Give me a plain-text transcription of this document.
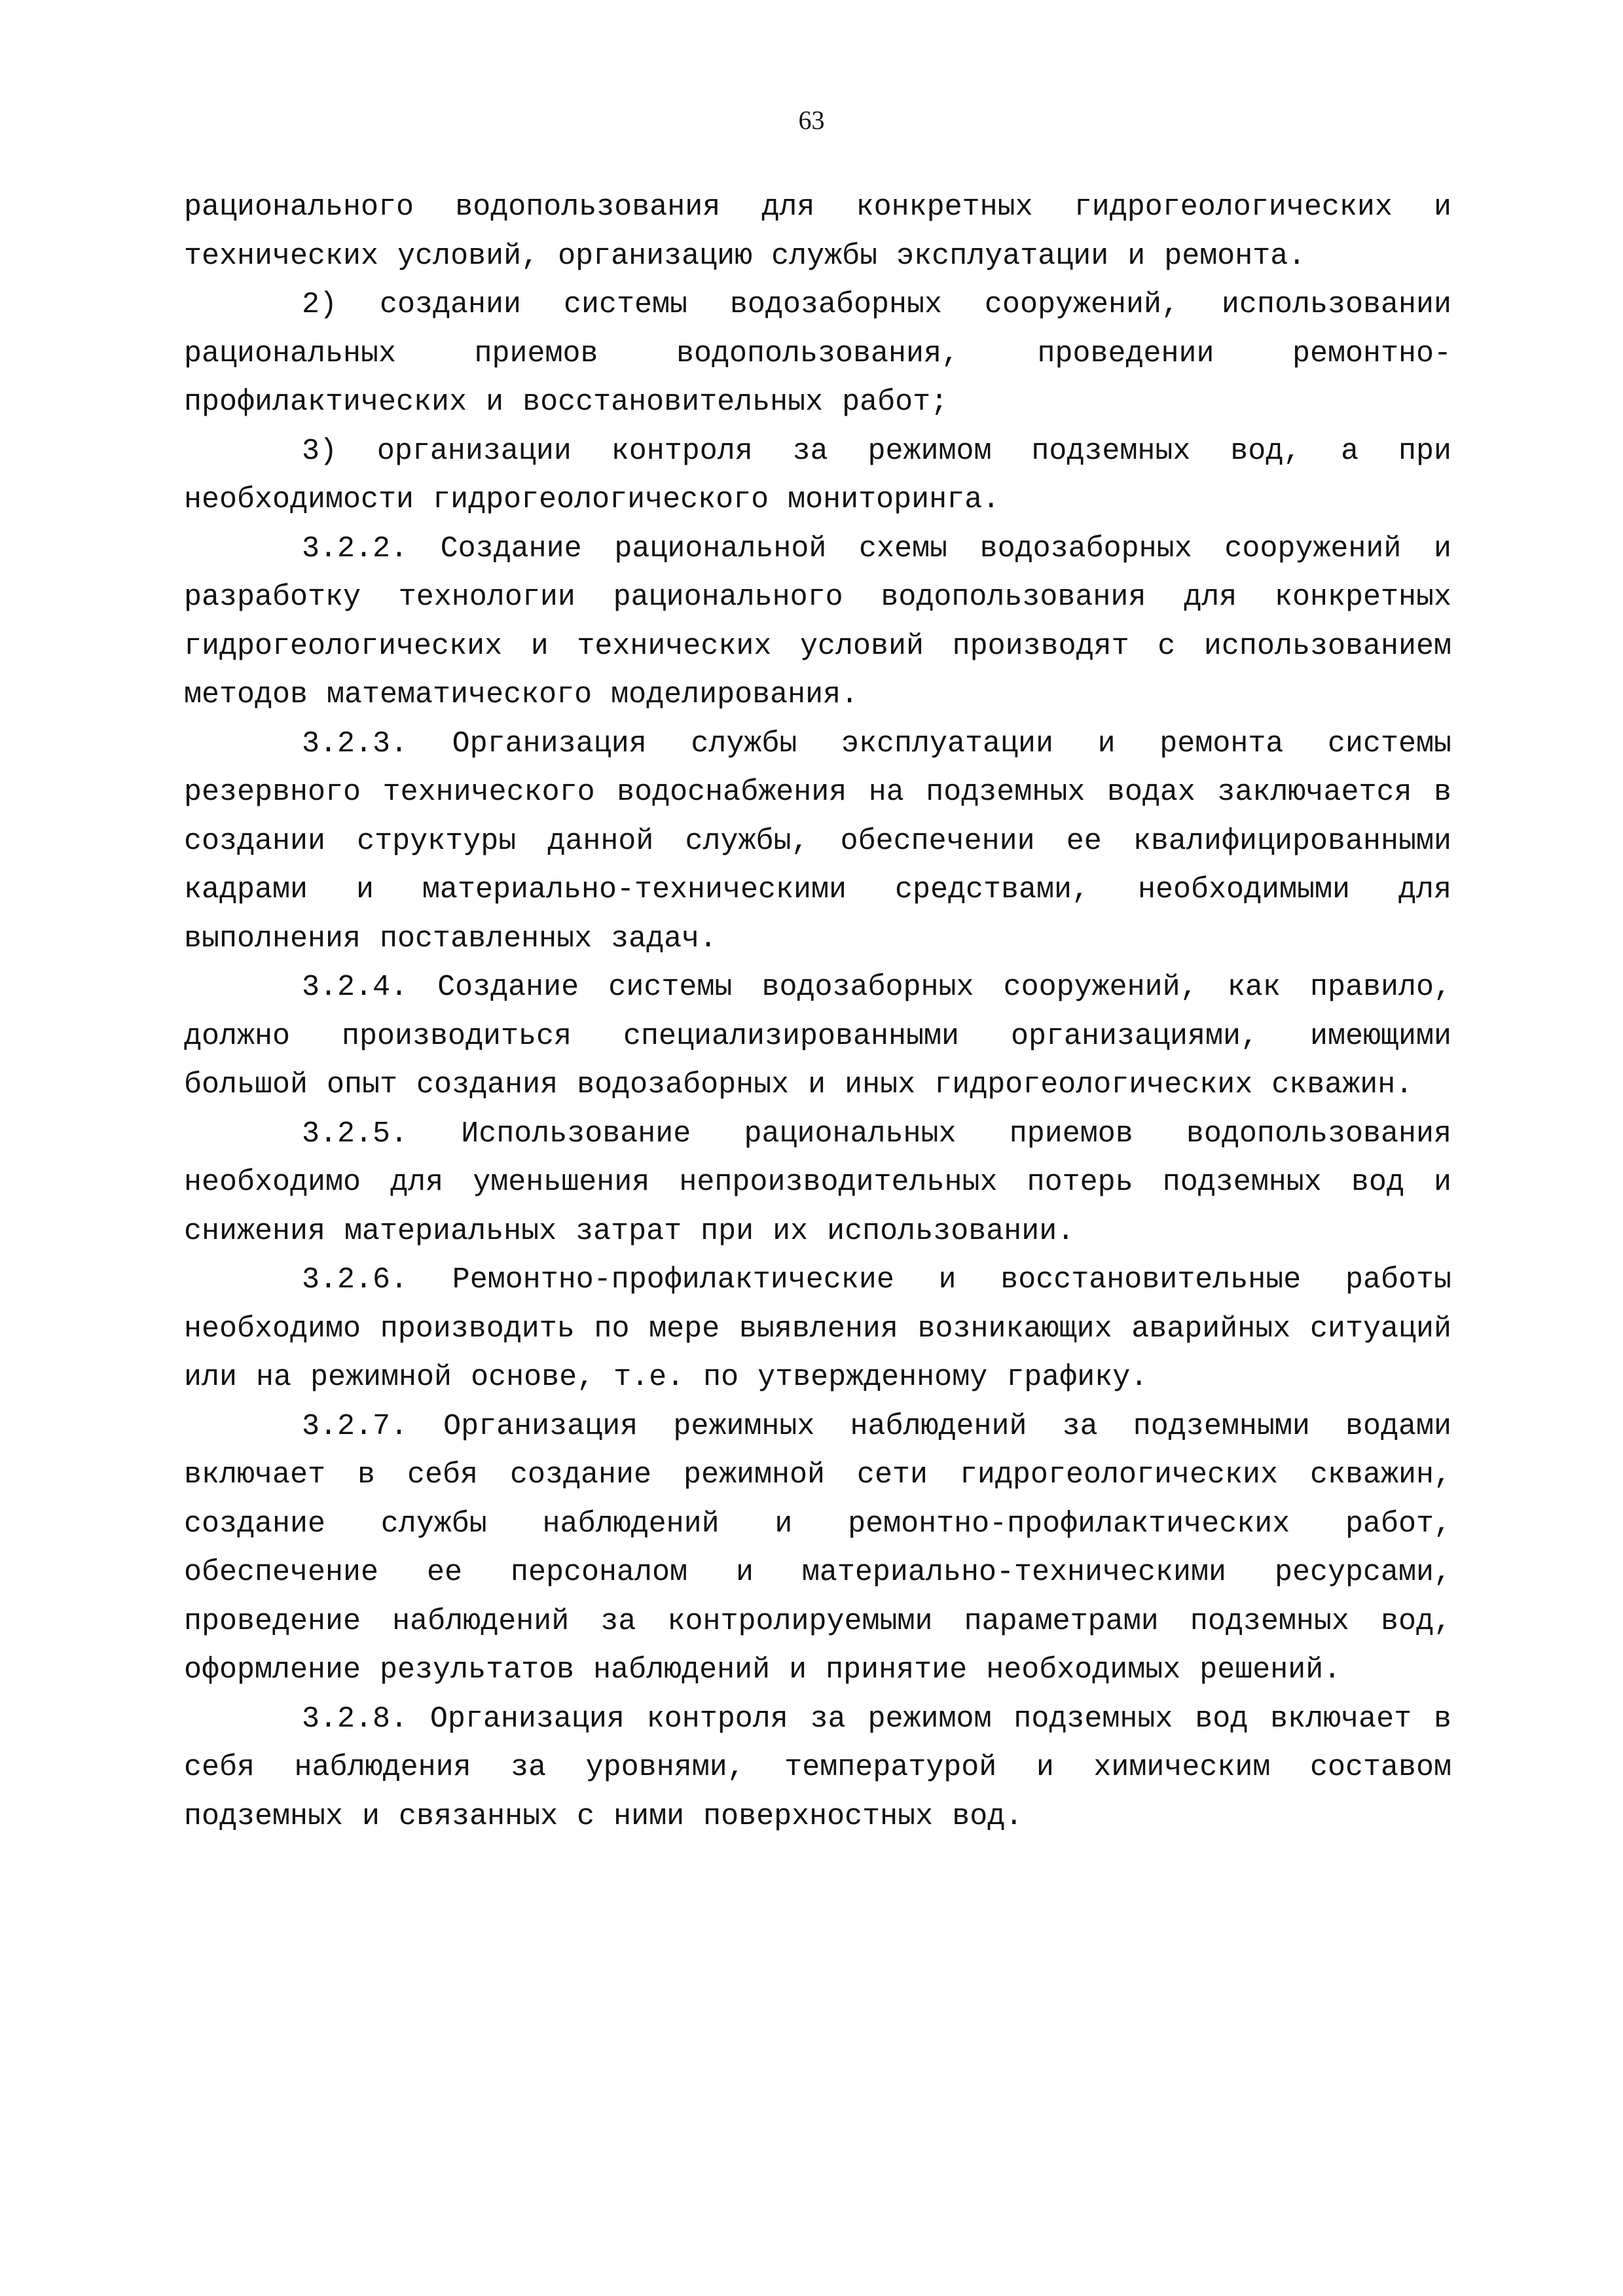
63

рационального водопользования для конкретных гидрогеологических и технических условий, организацию службы эксплуатации и ремонта.

2) создании системы водозаборных сооружений, использовании рациональных приемов водопользования, проведении ремонтно-профилактических и восстановительных работ;

3) организации контроля за режимом подземных вод, а при необходимости гидрогеологического мониторинга.

3.2.2. Создание рациональной схемы водозаборных сооружений и разработку технологии рационального водопользования для конкретных гидрогеологических и технических условий производят с использованием методов математического моделирования.

3.2.3. Организация службы эксплуатации и ремонта системы резервного технического водоснабжения на подземных водах заключается в создании структуры данной службы, обеспечении ее квалифицированными кадрами и материально-техническими средствами, необходимыми для выполнения поставленных задач.

3.2.4. Создание системы водозаборных сооружений, как правило, должно производиться специализированными организациями, имеющими большой опыт создания водозаборных и иных гидрогеологических скважин.

3.2.5. Использование рациональных приемов водопользования необходимо для уменьшения непроизводительных потерь подземных вод и снижения материальных затрат при их использовании.

3.2.6. Ремонтно-профилактические и восстановительные работы необходимо производить по мере выявления возникающих аварийных ситуаций или на режимной основе, т.е. по утвержденному графику.

3.2.7. Организация режимных наблюдений за подземными водами включает в себя создание режимной сети гидрогеологических скважин, создание службы наблюдений и ремонтно-профилактических работ, обеспечение ее персоналом и материально-техническими ресурсами, проведение наблюдений за контролируемыми параметрами подземных вод, оформление результатов наблюдений и принятие необходимых решений.

3.2.8. Организация контроля за режимом подземных вод включает в себя наблюдения за уровнями, температурой и химическим составом подземных и связанных с ними поверхностных вод.
